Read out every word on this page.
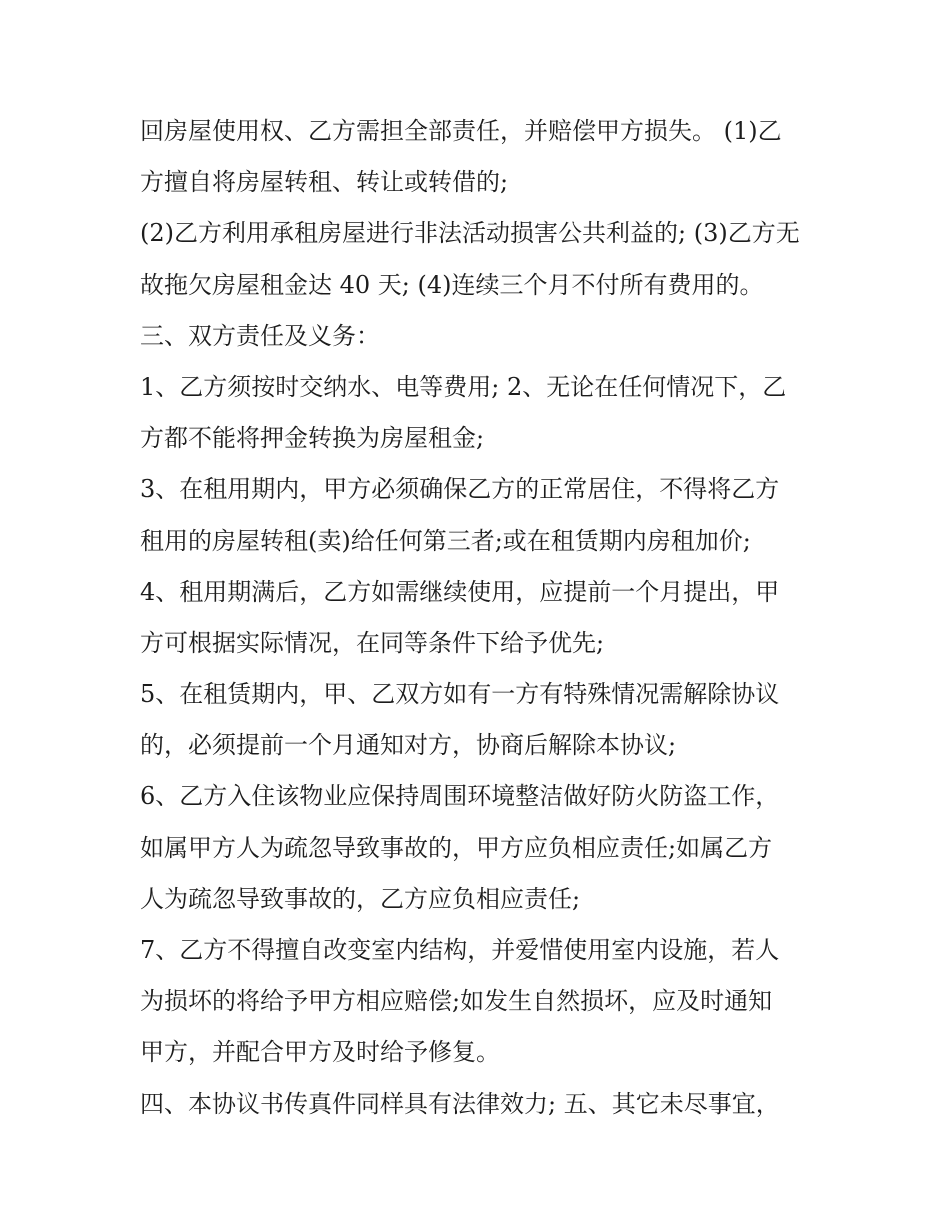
回房屋使用权、乙方需担全部责任，并赔偿甲方损失。 (1)乙
方擅自将房屋转租、转让或转借的;
(2)乙方利用承租房屋进行非法活动损害公共利益的; (3)乙方无
故拖欠房屋租金达 40 天; (4)连续三个月不付所有费用的。
三、双方责任及义务：
1、乙方须按时交纳水、电等费用; 2、无论在任何情况下，乙
方都不能将押金转换为房屋租金;
3、在租用期内，甲方必须确保乙方的正常居住，不得将乙方
租用的房屋转租(卖)给任何第三者;或在租赁期内房租加价;
4、租用期满后，乙方如需继续使用，应提前一个月提出，甲
方可根据实际情况，在同等条件下给予优先;
5、在租赁期内，甲、乙双方如有一方有特殊情况需解除协议
的，必须提前一个月通知对方，协商后解除本协议;
6、乙方入住该物业应保持周围环境整洁做好防火防盗工作，
如属甲方人为疏忽导致事故的，甲方应负相应责任;如属乙方
人为疏忽导致事故的，乙方应负相应责任;
7、乙方不得擅自改变室内结构，并爱惜使用室内设施，若人
为损坏的将给予甲方相应赔偿;如发生自然损坏，应及时通知
甲方，并配合甲方及时给予修复。
四、本协议书传真件同样具有法律效力; 五、其它未尽事宜，
